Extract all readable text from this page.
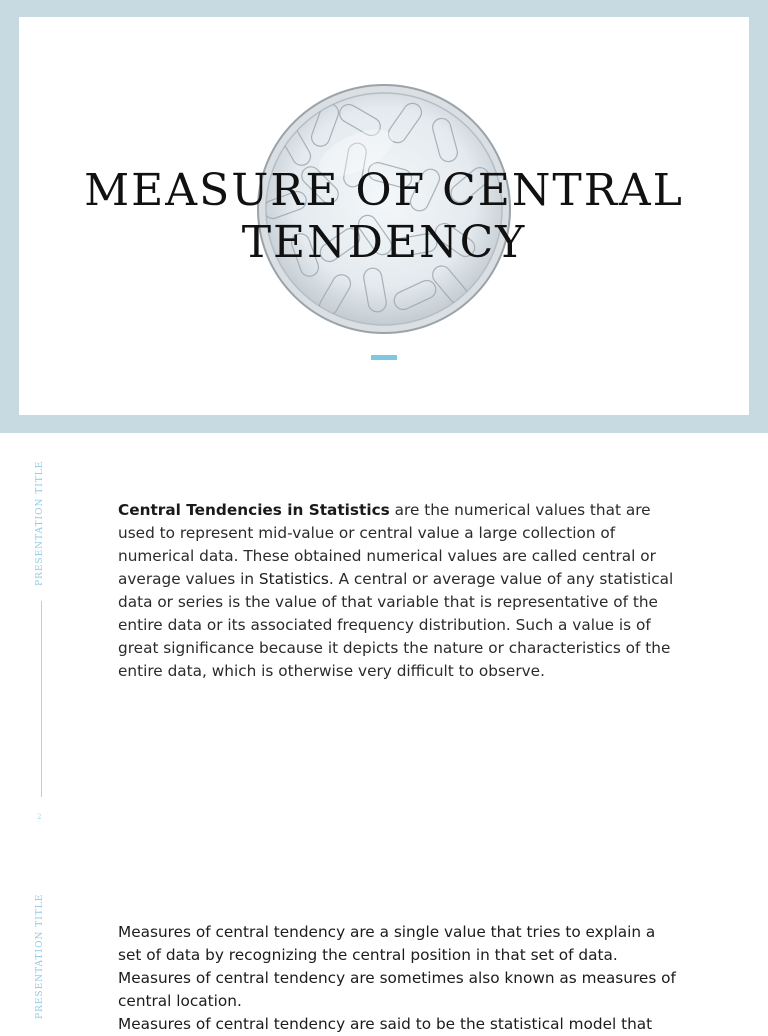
MEASURE OF CENTRAL
TENDENCY
PRESENTATION TITLE
2

Central Tendencies in Statistics are the numerical values that are used to represent mid-value or central value a large collection of numerical data. These obtained numerical values are called central or average values in Statistics. A central or average value of any statistical data or series is the value of that variable that is representative of the entire data or its associated frequency distribution. Such a value is of great significance because it depicts the nature or characteristics of the entire data, which is otherwise very difficult to observe.

PRESENTATION TITLE	Measures of central tendency are a single value that tries to explain a set of data by recognizing the central position in that set of data.
Measures of central tendency are sometimes also known as measures of central location.
Measures of central tendency are said to be the statistical model that
